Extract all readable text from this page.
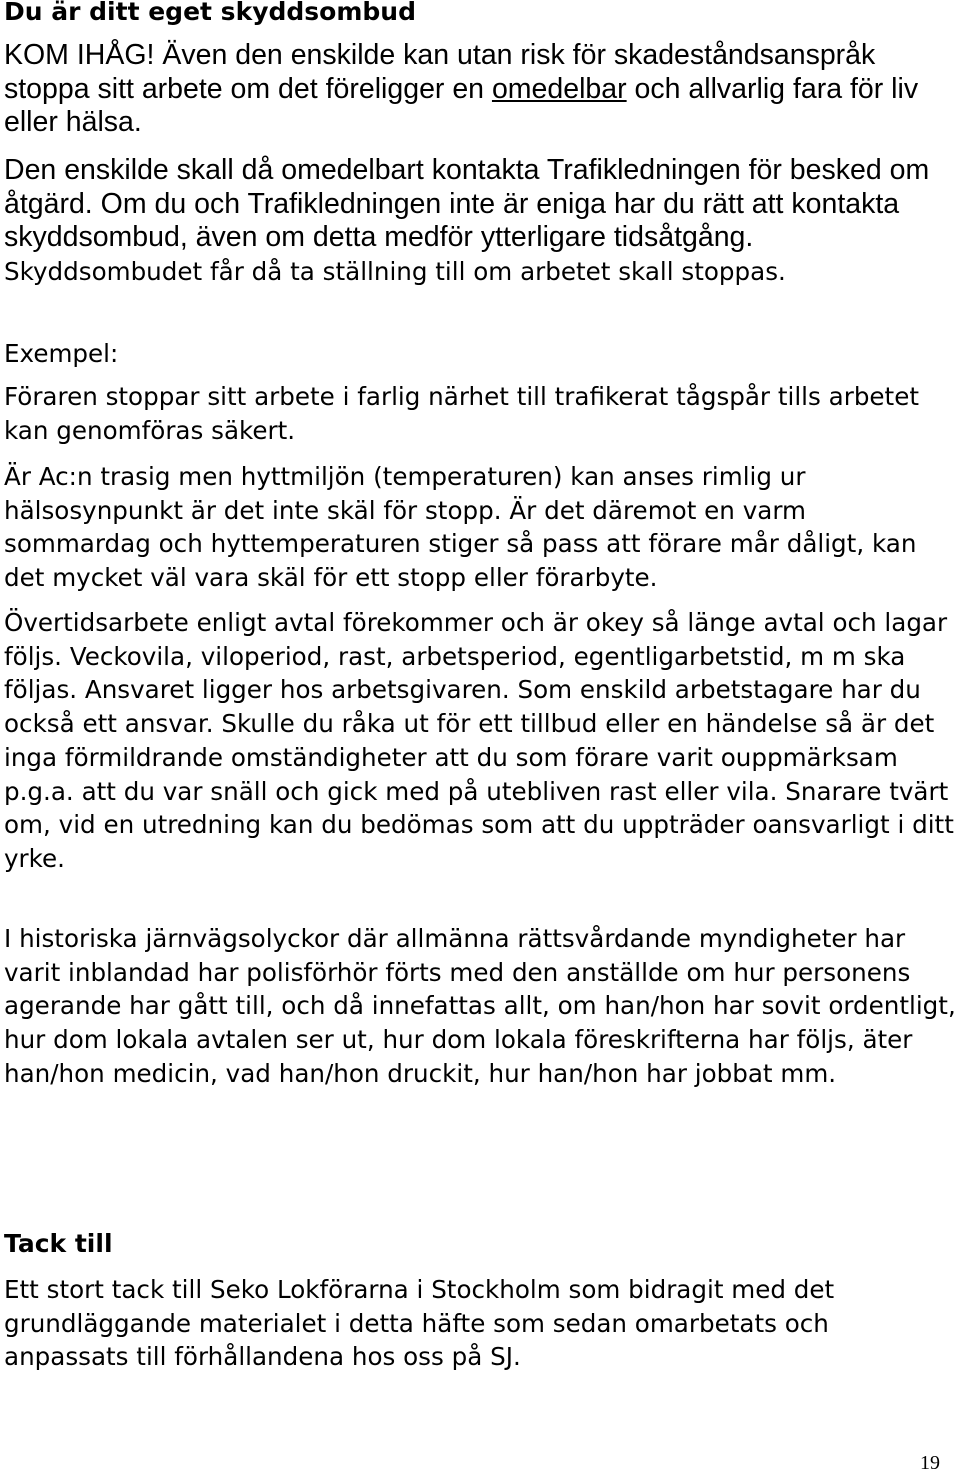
Du är ditt eget skyddsombud

KOM IHÅG! Även den enskilde kan utan risk för skadeståndsanspråk stoppa sitt arbete om det föreligger en omedelbar och allvarlig fara för liv eller hälsa.

Den enskilde skall då omedelbart kontakta Trafikledningen för besked om åtgärd. Om du och Trafikledningen inte är eniga har du rätt att kontakta skyddsombud, även om detta medför ytterligare tidsåtgång. Skyddsombudet får då ta ställning till om arbetet skall stoppas.

Exempel:

Föraren stoppar sitt arbete i farlig närhet till trafikerat tågspår tills arbetet kan genomföras säkert.

Är Ac:n trasig men hyttmiljön (temperaturen) kan anses rimlig ur hälsosynpunkt är det inte skäl för stopp. Är det däremot en varm sommardag och hyttemperaturen stiger så pass att förare mår dåligt, kan det mycket väl vara skäl för ett stopp eller förarbyte.

Övertidsarbete enligt avtal förekommer och är okey så länge avtal och lagar följs. Veckovila, viloperiod, rast, arbetsperiod, egentligarbetstid, m m ska följas. Ansvaret ligger hos arbetsgivaren. Som enskild arbetstagare har du också ett ansvar. Skulle du råka ut för ett tillbud eller en händelse så är det inga förmildrande omständigheter att du som förare varit ouppmärksam p.g.a. att du var snäll och gick med på utebliven rast eller vila. Snarare tvärt om, vid en utredning kan du bedömas som att du uppträder oansvarligt i ditt yrke.

I historiska järnvägsolyckor där allmänna rättsvårdande myndigheter har varit inblandad har polisförhör förts med den anställde om hur personens agerande har gått till, och då innefattas allt, om han/hon har sovit ordentligt, hur dom lokala avtalen ser ut, hur dom lokala föreskrifterna har följs, äter han/hon medicin, vad han/hon druckit, hur han/hon har jobbat mm.

Tack till

Ett stort tack till Seko Lokförarna i Stockholm som bidragit med det grundläggande materialet i detta häfte som sedan omarbetats och anpassats till förhållandena hos oss på SJ.

19
